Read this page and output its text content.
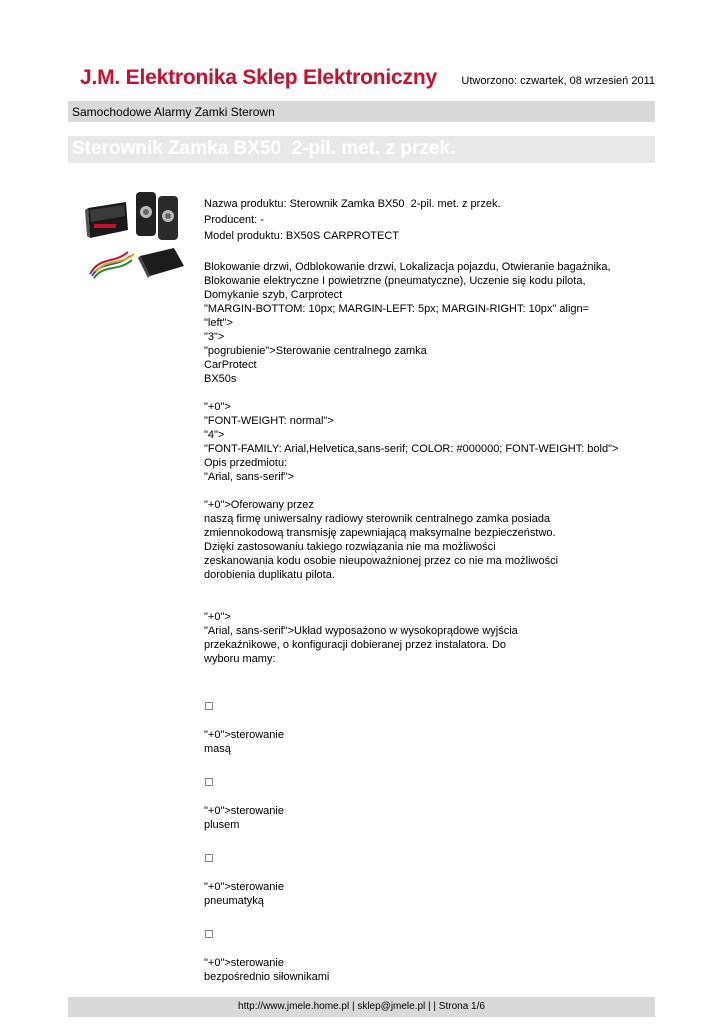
J.M. Elektronika Sklep Elektroniczny Utworzono: czwartek, 08 wrzesień 2011
Samochodowe Alarmy Zamki Sterown
Sterownik Zamka BX50  2-pil. met. z przek.

Nazwa produktu: Sterownik Zamka BX50  2-pil. met. z przek.

Producent: -

Model produktu: BX50S CARPROTECT

Blokowanie drzwi, Odblokowanie drzwi, Lokalizacja pojazdu, Otwieranie bagażnika,

Blokowanie elektryczne I powietrzne (pneumatyczne), Uczenie się kodu pilota,

Domykanie szyb, Carprotect

"MARGIN-BOTTOM: 10px; MARGIN-LEFT: 5px; MARGIN-RIGHT: 10px" align=

"left">

"3">

"pogrubienie">Sterowanie centralnego zamka

CarProtect

BX50s

"+0">

"FONT-WEIGHT: normal">

"4">

"FONT-FAMILY: Arial,Helvetica,sans-serif; COLOR: #000000; FONT-WEIGHT: bold">

Opis przedmiotu:

"Arial, sans-serif">

"+0">Oferowany przez

naszą firmę uniwersalny radiowy sterownik centralnego zamka posiada

zmiennokodową transmisję zapewniającą maksymalne bezpieczeństwo.

Dzięki zastosowaniu takiego rozwiązania nie ma możliwości

zeskanowania kodu osobie nieupoważnionej przez co nie ma możliwości

dorobienia duplikatu pilota.

"+0">

"Arial, sans-serif">Układ wyposażono w wysokoprądowe wyjścia

przekaźnikowe, o konfiguracji dobieranej przez instalatora. Do

wyboru mamy:

"+0">sterowanie

masą

"+0">sterowanie

plusem

"+0">sterowanie

pneumatyką

"+0">sterowanie

bezpośrednio siłownikami

http://www.jmele.home.pl | sklep@jmele.pl | | Strona 1/6
